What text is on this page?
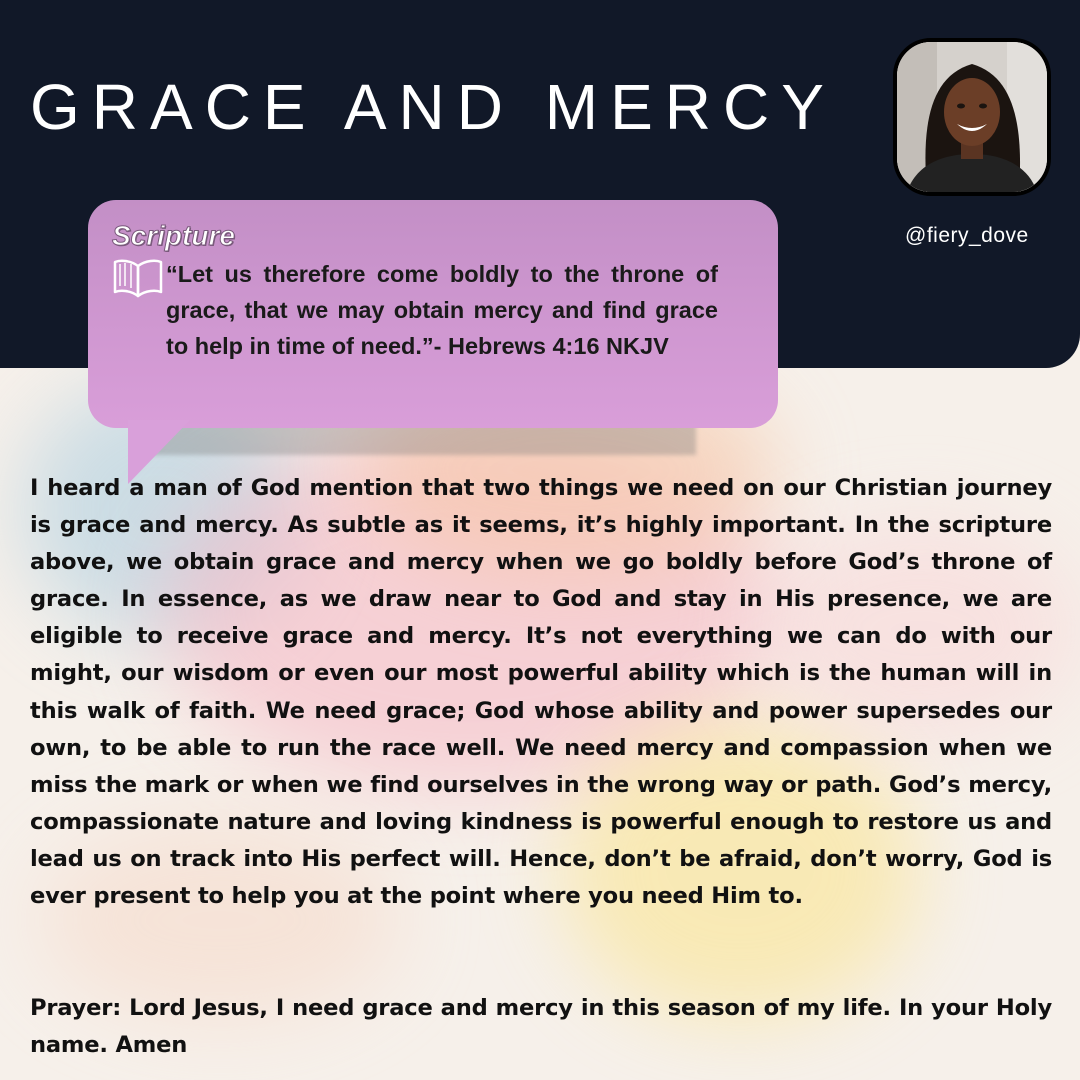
GRACE AND MERCY
@fiery_dove
Scripture

“Let us therefore come boldly to the throne of grace, that we may obtain mercy and find grace to help in time of need.”- Hebrews 4:16 NKJV

I heard a man of God mention that two things we need on our Christian journey is grace and mercy. As subtle as it seems, it’s highly important. In the scripture above, we obtain grace and mercy when we go boldly before God’s throne of grace. In essence, as we draw near to God and stay in His presence, we are eligible to receive grace and mercy. It’s not everything we can do with our might, our wisdom or even our most powerful ability which is the human will in this walk of faith. We need grace; God whose ability and power supersedes our own, to be able to run the race well. We need mercy and compassion when we miss the mark or when we find ourselves in the wrong way or path. God’s mercy, compassionate nature and loving kindness is powerful enough to restore us and lead us on track into His perfect will. Hence, don’t be afraid, don’t worry, God is ever present to help you at the point where you need Him to.

Prayer: Lord Jesus, I need grace and mercy in this season of my life. In your Holy name. Amen
